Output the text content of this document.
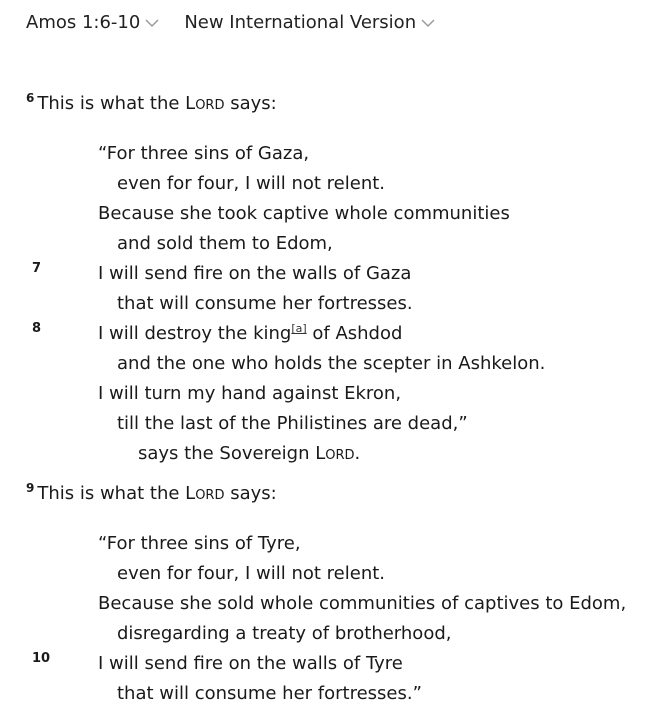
Amos 1:6-10 New International Version
$^6$ This is what the Lord says:
“For three sins of Gaza,
even for four, I will not relent.
Because she took captive whole communities
and sold them to Edom,
7	I will send fire on the walls of Gaza
that will consume her fortresses.
8	I will destroy the king[a] of Ashdod
and the one who holds the scepter in Ashkelon.
I will turn my hand against Ekron,
till the last of the Philistines are dead,”
says the Sovereign Lord.
$^9$ This is what the Lord says:
“For three sins of Tyre,
even for four, I will not relent.
Because she sold whole communities of captives to Edom,
disregarding a treaty of brotherhood,
10	I will send fire on the walls of Tyre
that will consume her fortresses.”
